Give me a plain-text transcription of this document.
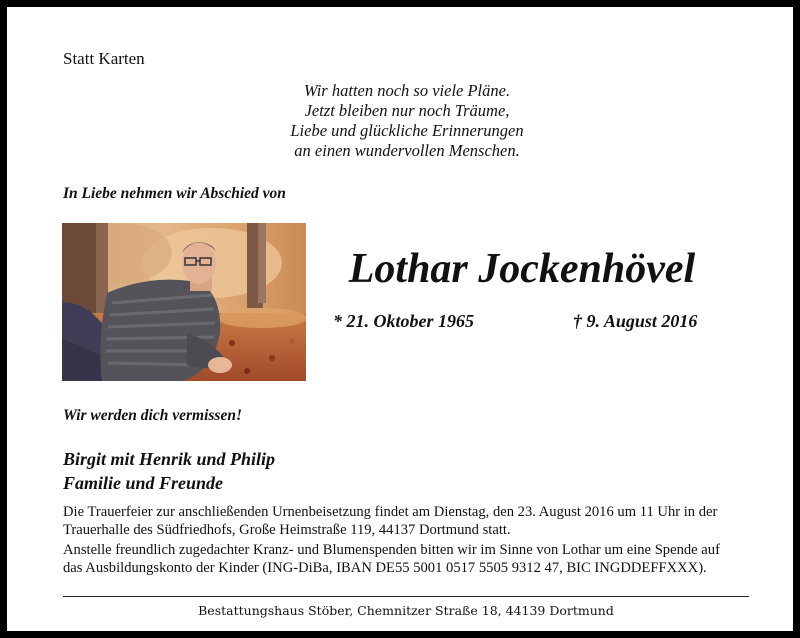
Statt Karten
Wir hatten noch so viele Pläne.
Jetzt bleiben nur noch Träume,
Liebe und glückliche Erinnerungen
an einen wundervollen Menschen.
In Liebe nehmen wir Abschied von
Lothar Jockenhövel
* 21. Oktober 1965	† 9. August 2016
Wir werden dich vermissen!
Birgit mit Henrik und Philip
Familie und Freunde

Die Trauerfeier zur anschließenden Urnenbeisetzung findet am Dienstag, den 23. August 2016 um 11 Uhr in der
Trauerhalle des Südfriedhofs, Große Heimstraße 119, 44137 Dortmund statt.

Anstelle freundlich zugedachter Kranz- und Blumenspenden bitten wir im Sinne von Lothar um eine Spende auf
das Ausbildungskonto der Kinder (ING-DiBa, IBAN DE55 5001 0517 5505 9312 47, BIC INGDDEFFXXX).

Bestattungshaus Stöber, Chemnitzer Straße 18, 44139 Dortmund
